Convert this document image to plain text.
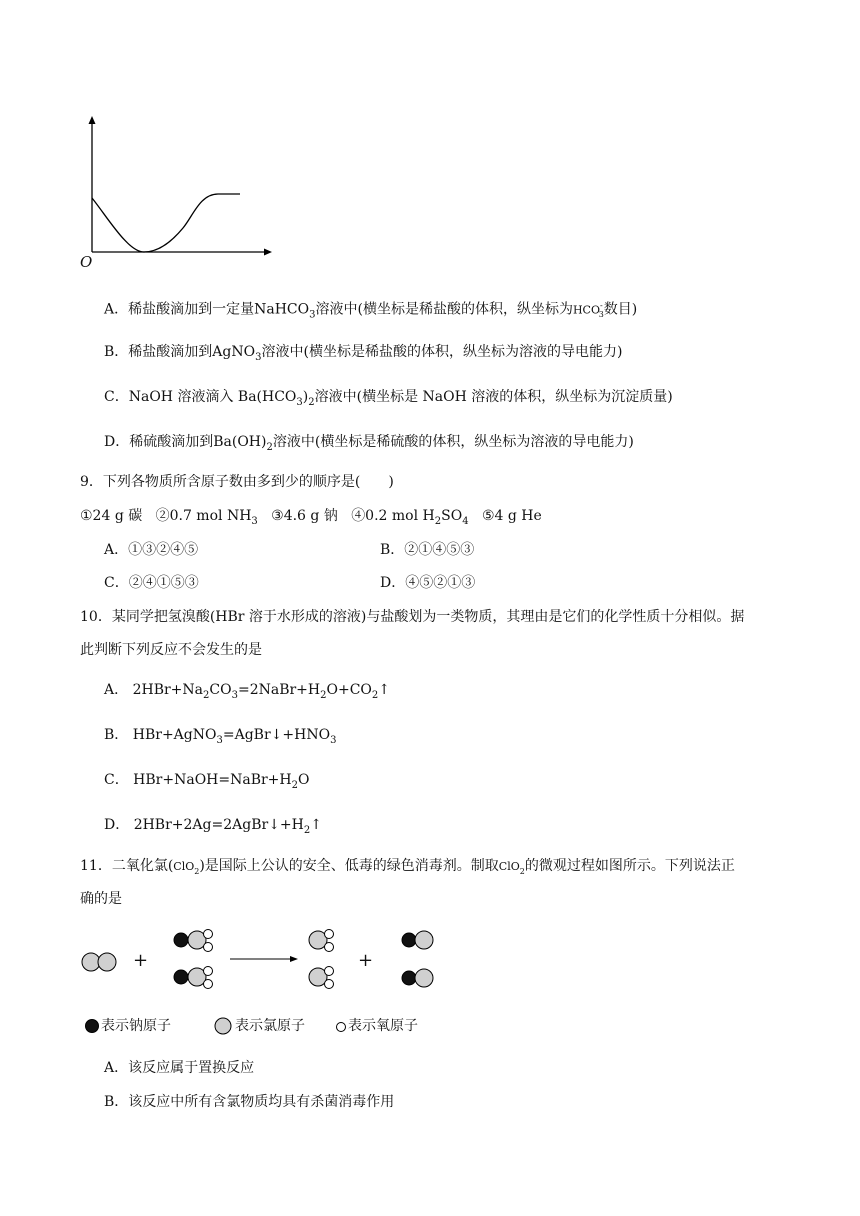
O
A．稀盐酸滴加到一定量NaHCO$_3$溶液中(横坐标是稀盐酸的体积，纵坐标为$HCO^-_3$数目)
B．稀盐酸滴加到AgNO$_3$溶液中(横坐标是稀盐酸的体积，纵坐标为溶液的导电能力)
C．NaOH 溶液滴入 $Ba(HCO_3)_2$溶液中(横坐标是 NaOH 溶液的体积，纵坐标为沉淀质量)
D．稀硫酸滴加到$Ba(OH)_2$溶液中(横坐标是稀硫酸的体积，纵坐标为溶液的导电能力)
9．下列各物质所含原子数由多到少的顺序是(　　)
①24 g 碳 ②0.7 mol $NH_3$ ③4.6 g 钠 ④0.2 mol $H_2SO_4$ ⑤4 g He
A．①③②④⑤	B．②①④⑤③
C．②④①⑤③	D．④⑤②①③
10．某同学把氢溴酸(HBr 溶于水形成的溶液)与盐酸划为一类物质，其理由是它们的化学性质十分相似。据
此判断下列反应不会发生的是
A． $2HBr+Na_2CO_3=2NaBr+H_2O+CO_2↑$
B． $HBr+AgNO_3=AgBr↓+HNO_3$
C． $HBr+NaOH=NaBr+H_2O$
D． $2HBr+2Ag=2AgBr↓+H_2↑$
11．二氧化氯(ClO$_2$)是国际上公认的安全、低毒的绿色消毒剂。制取ClO$_2$的微观过程如图所示。下列说法正
确的是
+	+
表示钠原子	表示氯原子	表示氧原子
A．该反应属于置换反应
B．该反应中所有含氯物质均具有杀菌消毒作用
